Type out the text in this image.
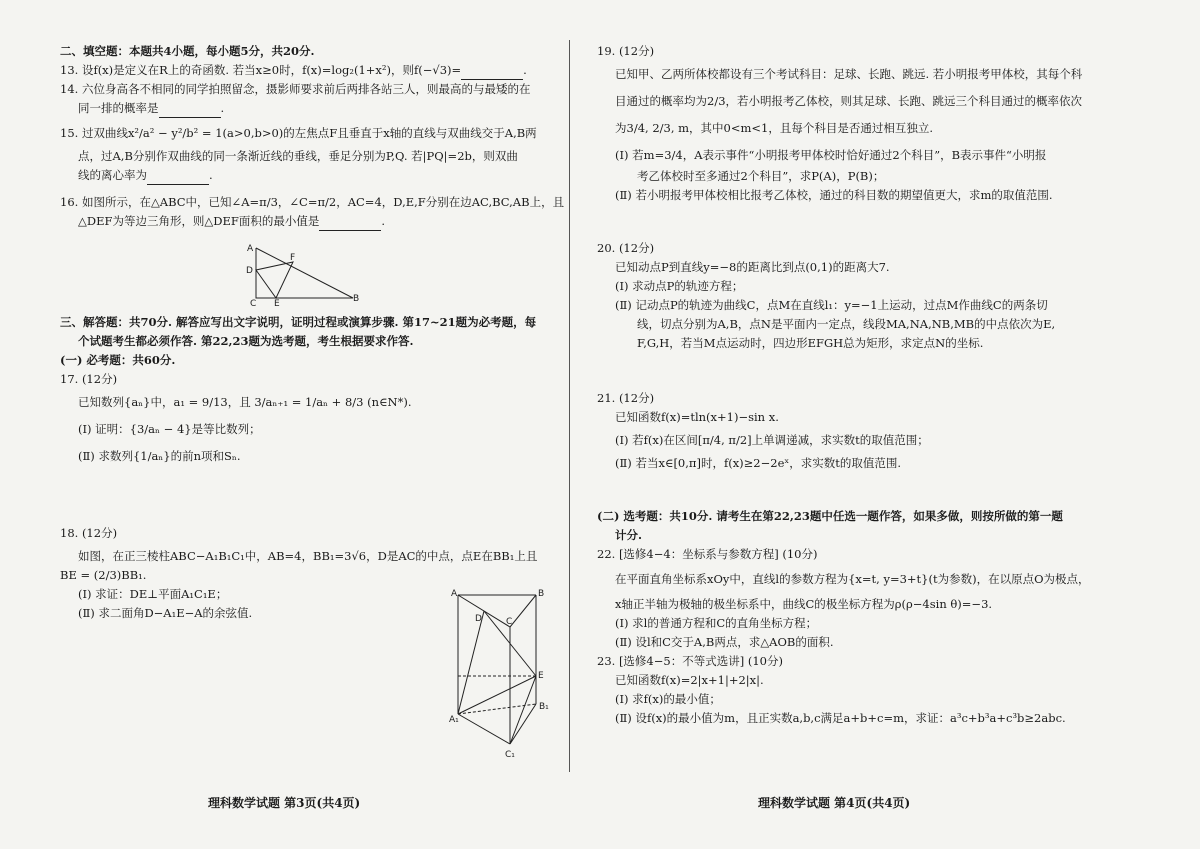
二、填空题：本题共4小题，每小题5分，共20分.
13. 设f(x)是定义在R上的奇函数. 若当x≥0时，f(x)=log₂(1+x²)，则f(−√3)=	.
14. 六位身高各不相同的同学拍照留念，摄影师要求前后两排各站三人，则最高的与最矮的在
同一排的概率是	.
15. 过双曲线x²/a² − y²/b² = 1(a>0,b>0)的左焦点F且垂直于x轴的直线与双曲线交于A,B两
点，过A,B分别作双曲线的同一条渐近线的垂线，垂足分别为P,Q. 若|PQ|=2b，则双曲
线的离心率为	.
16. 如图所示，在△ABC中，已知∠A=π/3，∠C=π/2，AC=4，D,E,F分别在边AC,BC,AB上，且
△DEF为等边三角形，则△DEF面积的最小值是	.
三、解答题：共70分. 解答应写出文字说明，证明过程或演算步骤. 第17~21题为必考题，每
个试题考生都必须作答. 第22,23题为选考题，考生根据要求作答.
(一) 必考题：共60分.
17. (12分)
已知数列{aₙ}中，a₁ = 9/13，且 3/aₙ₊₁ = 1/aₙ + 8/3 (n∈N*).
(Ⅰ) 证明：{3/aₙ − 4}是等比数列；
(Ⅱ) 求数列{1/aₙ}的前n项和Sₙ.
18. (12分)
如图，在正三棱柱ABC−A₁B₁C₁中，AB=4，BB₁=3√6，D是AC的中点，点E在BB₁上且
BE = (2/3)BB₁.
(Ⅰ) 求证：DE⊥平面A₁C₁E；
(Ⅱ) 求二面角D−A₁E−A的余弦值.
A
D
F
C E	B
A	B
D	C
E
A₁
B₁
C₁
19. (12分)
已知甲、乙两所体校都设有三个考试科目：足球、长跑、跳远. 若小明报考甲体校，其每个科
目通过的概率均为2/3，若小明报考乙体校，则其足球、长跑、跳远三个科目通过的概率依次
为3/4, 2/3, m，其中0<m<1，且每个科目是否通过相互独立.
(Ⅰ) 若m=3/4，A表示事件“小明报考甲体校时恰好通过2个科目”，B表示事件“小明报
考乙体校时至多通过2个科目”，求P(A)，P(B)；
(Ⅱ) 若小明报考甲体校相比报考乙体校，通过的科目数的期望值更大，求m的取值范围.
20. (12分)
已知动点P到直线y=−8的距离比到点(0,1)的距离大7.
(Ⅰ) 求动点P的轨迹方程；
(Ⅱ) 记动点P的轨迹为曲线C，点M在直线l₁：y=−1上运动，过点M作曲线C的两条切
线，切点分别为A,B，点N是平面内一定点，线段MA,NA,NB,MB的中点依次为E,
F,G,H，若当M点运动时，四边形EFGH总为矩形，求定点N的坐标.
21. (12分)
已知函数f(x)=tln(x+1)−sin x.
(Ⅰ) 若f(x)在区间[π/4, π/2]上单调递减，求实数t的取值范围；
(Ⅱ) 若当x∈[0,π]时，f(x)≥2−2eˣ，求实数t的取值范围.
(二) 选考题：共10分. 请考生在第22,23题中任选一题作答，如果多做，则按所做的第一题
计分.
22. [选修4−4：坐标系与参数方程] (10分)
在平面直角坐标系xOy中，直线l的参数方程为{x=t, y=3+t}(t为参数)，在以原点O为极点，
x轴正半轴为极轴的极坐标系中，曲线C的极坐标方程为ρ(ρ−4sin θ)=−3.
(Ⅰ) 求l的普通方程和C的直角坐标方程；
(Ⅱ) 设l和C交于A,B两点，求△AOB的面积.
23. [选修4−5：不等式选讲] (10分)
已知函数f(x)=2|x+1|+2|x|.
(Ⅰ) 求f(x)的最小值；
(Ⅱ) 设f(x)的最小值为m，且正实数a,b,c满足a+b+c=m，求证：a³c+b³a+c³b≥2abc.
理科数学试题 第3页(共4页)	理科数学试题 第4页(共4页)
